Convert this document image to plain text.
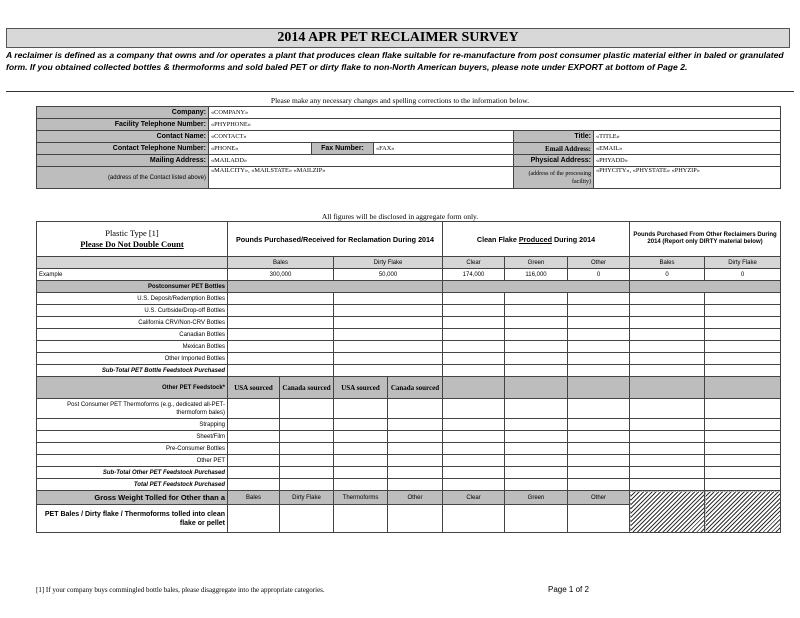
2014 APR PET RECLAIMER SURVEY
A reclaimer is defined as a company that owns and /or operates a plant that produces clean flake suitable for re-manufacture from post consumer plastic material either in baled or granulated form. If you obtained collected bottles & thermoforms and sold baled PET or dirty flake to non-North American buyers, please note under EXPORT at bottom of Page 2.
Please make any necessary changes and spelling corrections to the information below.
Company:	«COMPANY»				
Facility Telephone Number:	«PHYPHONE»				
Contact Name:	«CONTACT»			Title:	«TITLE»
Contact Telephone Number:	«PHONE»	Fax Number:	«FAX»	Email Address:	«EMAIL»
Mailing Address:	«MAILADD»			Physical Address:	«PHYADD»
(address of the Contact listed above)	«MAILCITY», «MAILSTATE» «MAILZIP»			(address of the processing facility)	«PHYCITY», «PHYSTATE» «PHYZIP»
All figures will be disclosed in aggregate form only.
Plastic Type [1]
Please Do Not Double Count	Pounds Purchased/Received for Reclamation During 2014				Clean Flake Produced During 2014			Pounds Purchased From Other Reclaimers During 2014 (Report only DIRTY material below)	
	Bales		Dirty Flake		Clear	Green	Other	Bales	Dirty Flake
Example	300,000		50,000		174,000	116,000	0	0	0
Postconsumer PET Bottles									
U.S. Deposit/Redemption Bottles									
U.S. Curbside/Drop-off Bottles									
California CRV/Non-CRV Bottles									
Canadian Bottles									
Mexican Bottles									
Other Imported Bottles									
Sub-Total PET Bottle Feedstock Purchased									
Other PET Feedstock*	USA sourced	Canada sourced	USA sourced	Canada sourced					
Post Consumer PET Thermoforms (e.g., dedicated all-PET-thermoform bales)									
Strapping									
Sheet/Film									
Pre-Consumer Bottles									
Other PET									
Sub-Total Other PET Feedstock Purchased									
Total PET Feedstock Purchased									
Gross Weight Tolled for Other than a	Bales	Dirty Flake	Thermoforms	Other	Clear	Green	Other		
PET Bales / Dirty flake / Thermoforms tolled into clean flake or pellet									
[1] If your company buys commingled bottle bales, please disaggregate into the appropriate categories.	Page 1 of 2
